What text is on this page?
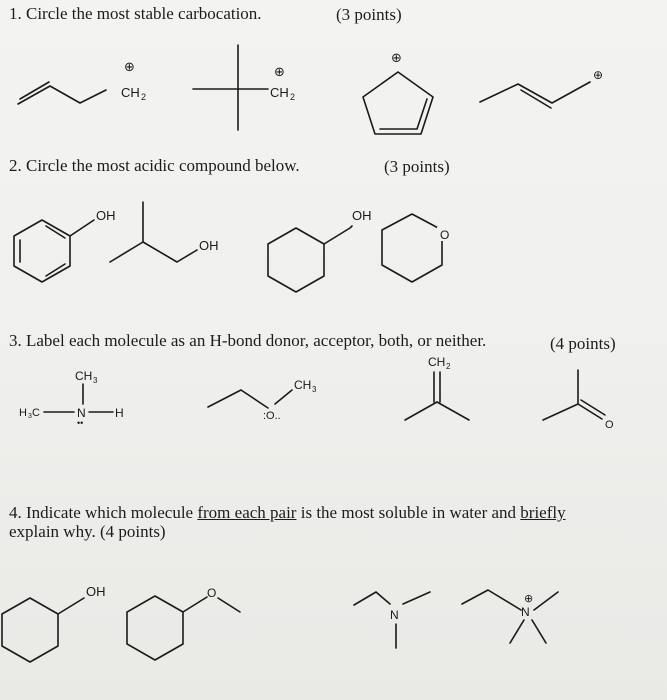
1. Circle the most stable carbocation.	(3 points)
2. Circle the most acidic compound below.	(3 points)
3. Label each molecule as an H-bond donor, acceptor, both, or neither.	(4 points)
4. Indicate which molecule from each pair is the most soluble in water and briefly
explain why. (4 points)
CH 2
⊕
CH 2
⊕
⊕
⊕
OH
OH
OH
O
CH 3
H 3 C	N H
••
:O..
CH 3
CH 2
O
OH	O
N	N
⊕
